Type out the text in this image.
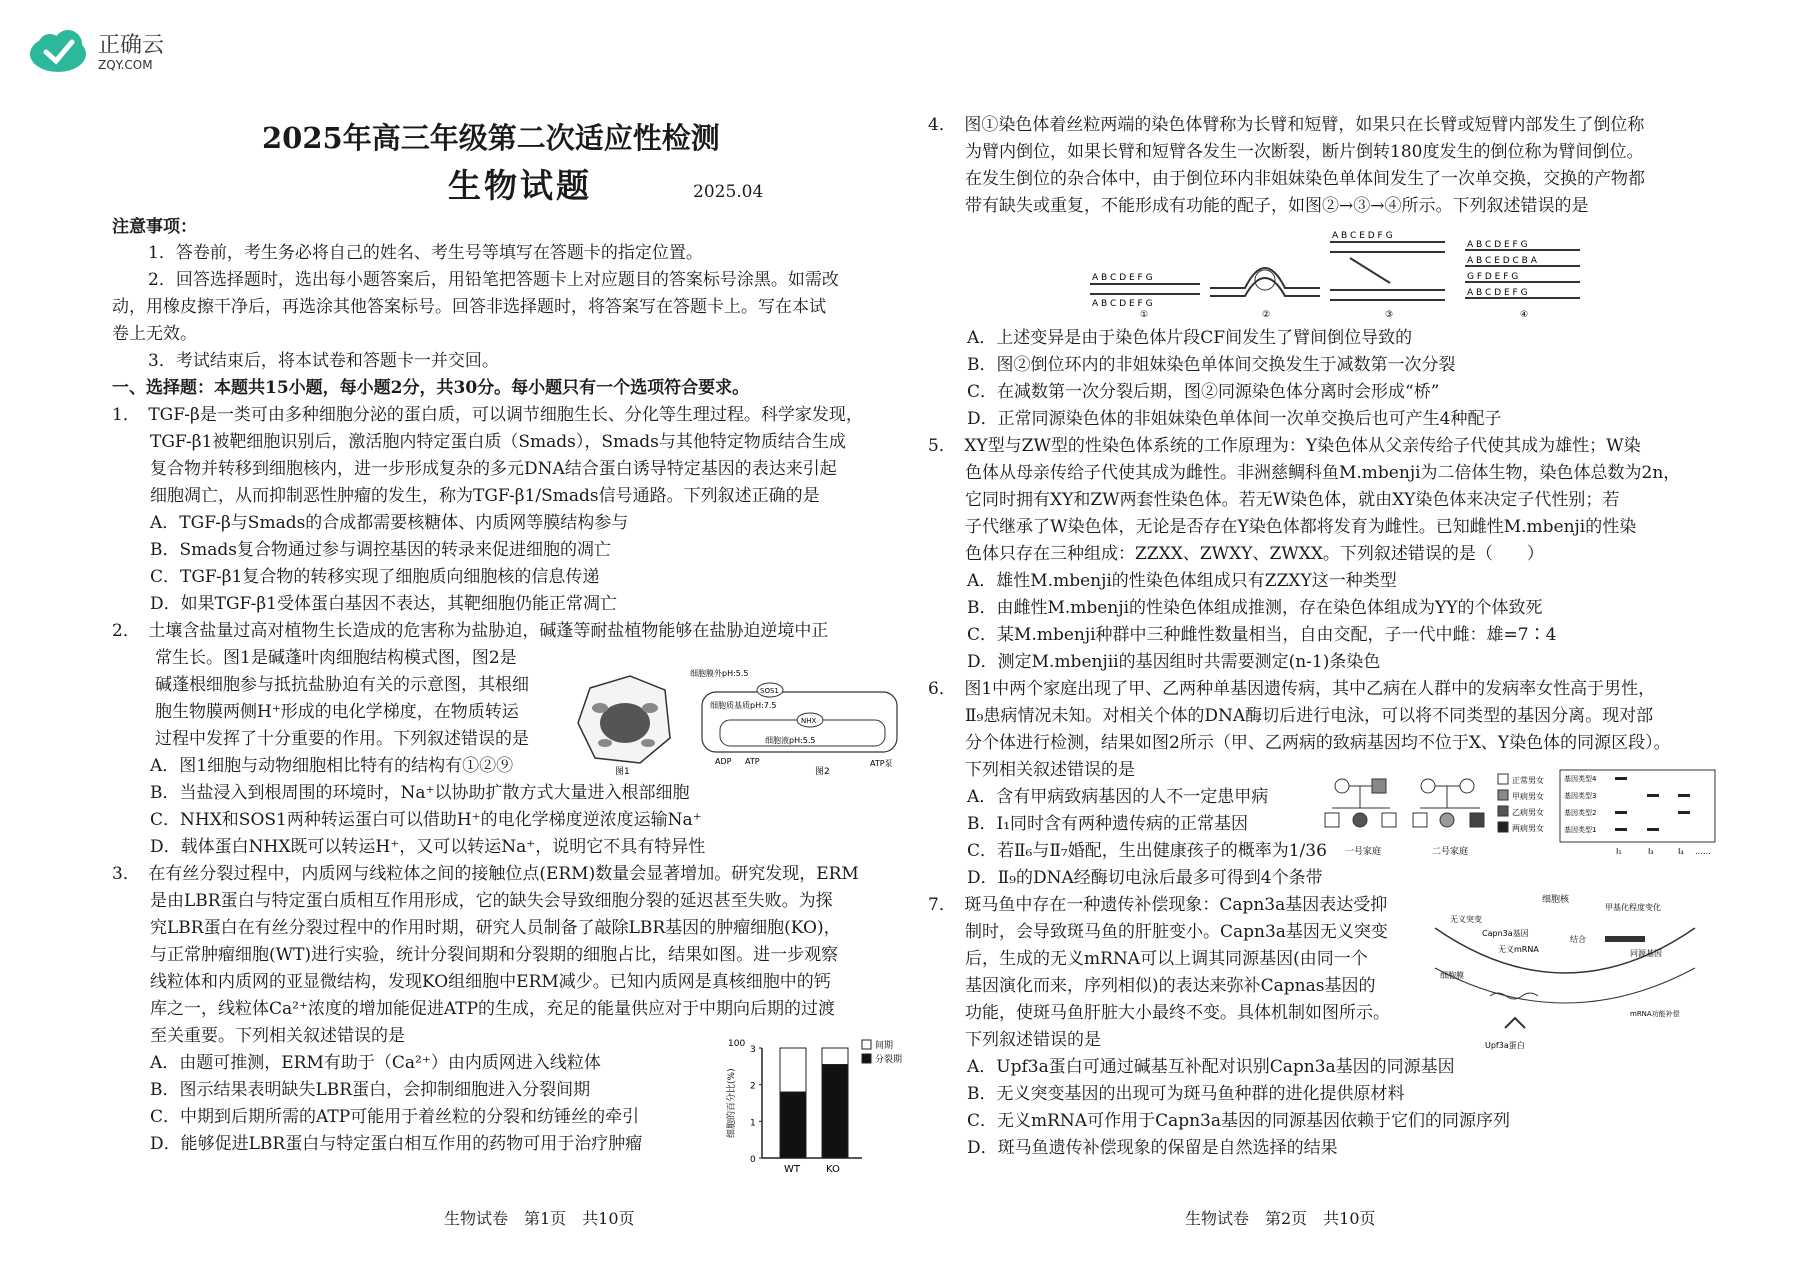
正确云
ZQY.COM
2025年高三年级第二次适应性检测
生物试题	2025.04
注意事项：
1．答卷前，考生务必将自己的姓名、考生号等填写在答题卡的指定位置。
2．回答选择题时，选出每小题答案后，用铅笔把答题卡上对应题目的答案标号涂黑。如需改
动，用橡皮擦干净后，再选涂其他答案标号。回答非选择题时，将答案写在答题卡上。写在本试
卷上无效。
3．考试结束后，将本试卷和答题卡一并交回。
一、选择题：本题共15小题，每小题2分，共30分。每小题只有一个选项符合要求。
1．　TGF-β是一类可由多种细胞分泌的蛋白质，可以调节细胞生长、分化等生理过程。科学家发现，
TGF-β1被靶细胞识别后，激活胞内特定蛋白质（Smads），Smads与其他特定物质结合生成
复合物并转移到细胞核内，进一步形成复杂的多元DNA结合蛋白诱导特定基因的表达来引起
细胞凋亡，从而抑制恶性肿瘤的发生，称为TGF-β1/Smads信号通路。下列叙述正确的是
A．TGF-β与Smads的合成都需要核糖体、内质网等膜结构参与
B．Smads复合物通过参与调控基因的转录来促进细胞的凋亡
C．TGF-β1复合物的转移实现了细胞质向细胞核的信息传递
D．如果TGF-β1受体蛋白基因不表达，其靶细胞仍能正常凋亡
2．　土壤含盐量过高对植物生长造成的危害称为盐胁迫，碱蓬等耐盐植物能够在盐胁迫逆境中正
常生长。图1是碱蓬叶肉细胞结构模式图，图2是
碱蓬根细胞参与抵抗盐胁迫有关的示意图，其根细
胞生物膜两侧H⁺形成的电化学梯度，在物质转运
过程中发挥了十分重要的作用。下列叙述错误的是
A．图1细胞与动物细胞相比特有的结构有①②⑨
B．当盐浸入到根周围的环境时，Na⁺以协助扩散方式大量进入根部细胞
C．NHX和SOS1两种转运蛋白可以借助H⁺的电化学梯度逆浓度运输Na⁺
D．载体蛋白NHX既可以转运H⁺，又可以转运Na⁺，说明它不具有特异性
图1
细胞膜外pH:5.5
细胞质基质pH:7.5
细胞液pH:5.5
SOS1
NHX
ADP ATP	ATP泵
图2
3．　在有丝分裂过程中，内质网与线粒体之间的接触位点(ERM)数量会显著增加。研究发现，ERM
是由LBR蛋白与特定蛋白质相互作用形成，它的缺失会导致细胞分裂的延迟甚至失败。为探
究LBR蛋白在有丝分裂过程中的作用时期，研究人员制备了敲除LBR基因的肿瘤细胞(KO)，
与正常肿瘤细胞(WT)进行实验，统计分裂间期和分裂期的细胞占比，结果如图。进一步观察
线粒体和内质网的亚显微结构，发现KO组细胞中ERM减少。已知内质网是真核细胞中的钙
库之一，线粒体Ca²⁺浓度的增加能促进ATP的生成，充足的能量供应对于中期向后期的过渡
至关重要。下列相关叙述错误的是
A．由题可推测，ERM有助于（Ca²⁺）由内质网进入线粒体
B．图示结果表明缺失LBR蛋白，会抑制细胞进入分裂间期
C．中期到后期所需的ATP可能用于着丝粒的分裂和纺锤丝的牵引
D．能够促进LBR蛋白与特定蛋白相互作用的药物可用于治疗肿瘤
0
1
2
3
100
细胞的百分比(%)
WT	KO
间期
分裂期
生物试卷　第1页　共10页
4．　图①染色体着丝粒两端的染色体臂称为长臂和短臂，如果只在长臂或短臂内部发生了倒位称
为臂内倒位，如果长臂和短臂各发生一次断裂，断片倒转180度发生的倒位称为臂间倒位。
在发生倒位的杂合体中，由于倒位环内非姐妹染色单体间发生了一次单交换，交换的产物都
带有缺失或重复，不能形成有功能的配子，如图②→③→④所示。下列叙述错误的是
A B C D E F G
A B C D E F G
①	②
A B C E D F G
③
A B C D E F G
A B C E D C B A
G F D E F G
A B C D E F G
④
A．上述变异是由于染色体片段CF间发生了臂间倒位导致的
B．图②倒位环内的非姐妹染色单体间交换发生于减数第一次分裂
C．在减数第一次分裂后期，图②同源染色体分离时会形成“桥”
D．正常同源染色体的非姐妹染色单体间一次单交换后也可产生4种配子
5．　XY型与ZW型的性染色体系统的工作原理为：Y染色体从父亲传给子代使其成为雄性；W染
色体从母亲传给子代使其成为雌性。非洲慈鲷科鱼M.mbenji为二倍体生物，染色体总数为2n，
它同时拥有XY和ZW两套性染色体。若无W染色体，就由XY染色体来决定子代性别；若
子代继承了W染色体，无论是否存在Y染色体都将发育为雌性。已知雌性M.mbenji的性染
色体只存在三种组成：ZZXX、ZWXY、ZWXX。下列叙述错误的是（　　）
A．雄性M.mbenji的性染色体组成只有ZZXY这一种类型
B．由雌性M.mbenji的性染色体组成推测，存在染色体组成为YY的个体致死
C．某M.mbenji种群中三种雌性数量相当，自由交配，子一代中雌：雄=7∶4
D．测定M.mbenjii的基因组时共需要测定(n-1)条染色
6．　图1中两个家庭出现了甲、乙两种单基因遗传病，其中乙病在人群中的发病率女性高于男性，
Ⅱ₉患病情况未知。对相关个体的DNA酶切后进行电泳，可以将不同类型的基因分离。现对部
分个体进行检测，结果如图2所示（甲、乙两病的致病基因均不位于X、Y染色体的同源区段）。
下列相关叙述错误的是
A．含有甲病致病基因的人不一定患甲病
B．I₁同时含有两种遗传病的正常基因
C．若Ⅱ₆与Ⅱ₇婚配，生出健康孩子的概率为1/36
D．Ⅱ₉的DNA经酶切电泳后最多可得到4个条带
一号家庭	二号家庭
正常男女
甲病男女
乙病男女
两病男女
基因类型4
基因类型3
基因类型2
基因类型1
I₁	I₃	I₄ ……
7．　斑马鱼中存在一种遗传补偿现象：Capn3a基因表达受抑
制时，会导致斑马鱼的肝脏变小。Capn3a基因无义突变
后，生成的无义mRNA可以上调其同源基因(由同一个
基因演化而来，序列相似)的表达来弥补Capnas基因的
功能，使斑马鱼肝脏大小最终不变。具体机制如图所示。
下列叙述错误的是
A．Upf3a蛋白可通过碱基互补配对识别Capn3a基因的同源基因
B．无义突变基因的出现可为斑马鱼种群的进化提供原材料
C．无义mRNA可作用于Capn3a基因的同源基因依赖于它们的同源序列
D．斑马鱼遗传补偿现象的保留是自然选择的结果
细胞核
无义突变
Capn3a基因
无义mRNA
甲基化程度变化
结合
同源基因
细胞膜
mRNA功能补偿
Upf3a蛋白
生物试卷　第2页　共10页
